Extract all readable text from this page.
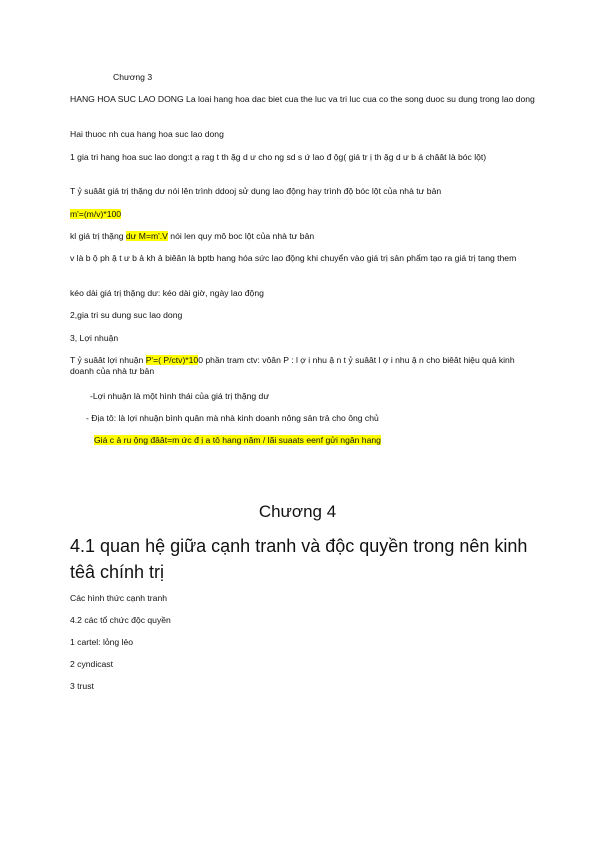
Chương 3

HANG HOA SUC LAO DONG La loai hang hoa dac biet cua the luc va tri luc cua co the song duoc su dung trong lao dong

Hai thuoc nh cua hang hoa suc lao dong

1 gia tri hang hoa suc lao dong:t ạ rag t th ặg d ư cho ng sd s ứ lao đ ộg( giá tr ị th ặg d ư b á châât là bóc lột)

T ỷ suâât giá trị thặng dư nói lên trình ddooj sử dụng lao động hay trình độ bóc lột của nhà tư bản

m'=(m/v)*100

kl giá trị thặng dư M=m'.V nói len quy mô boc lột của nhà tư bản

v là b ộ ph ậ t ư b ả kh ả biêân là bptb hang hóa sức lao động khi chuyển vào giá trị sản phẩm tạo ra giá trị tang them

kéo dài giá trị thặng dư: kéo dài giờ, ngày lao động

2,gia tri su dung suc lao dong

3, Lợi nhuận

T ỷ suâât lợi nhuận P'=( P/ctv)*100 phần tram ctv: vôân P : l ợ i nhu ậ n t ỷ suâât l ợ i nhu ậ n cho biêât hiệu quả kinh doanh của nhà tư bản

-Lợi nhuận là một hình thái của giá trị thặng dư

- Địa tô: là lợi nhuận bình quân mà nhà kinh doanh nông sản trả cho ông chủ

Giá c ả ru ộng đâât=m ức đ ị a tô hang năm / lãi suaats eenf gửi ngân hang

Chương 4
4.1 quan hệ giữa cạnh tranh và độc quyền trong nên kinh têâ chính trị

Các hình thức cạnh tranh

4.2 các tổ chức độc quyền

1 cartel: lỏng lẻo

2 cyndicast

3 trust
